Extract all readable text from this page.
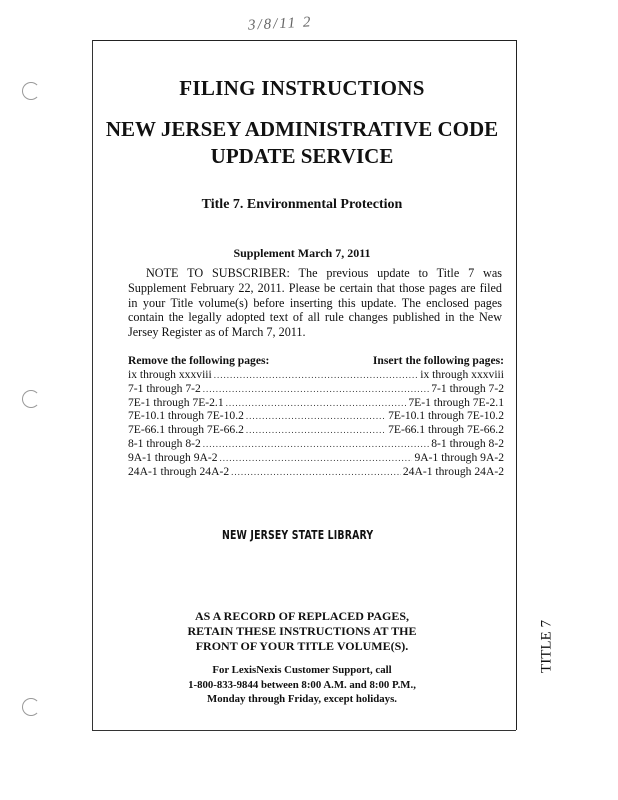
3/8/11 2
FILING INSTRUCTIONS
NEW JERSEY ADMINISTRATIVE CODE
UPDATE SERVICE
Title 7. Environmental Protection
Supplement March 7, 2011
NOTE TO SUBSCRIBER: The previous update to Title 7 was Supplement February 22, 2011. Please be certain that those pages are filed in your Title volume(s) before inserting this update. The enclosed pages contain the legally adopted text of all rule changes published in the New Jersey Register as of March 7, 2011.
Remove the following pages:	Insert the following pages:
ix through xxxviii .....	ix through xxxviii
7-1 through 7-2 .....	7-1 through 7-2
7E-1 through 7E-2.1 .....	7E-1 through 7E-2.1
7E-10.1 through 7E-10.2 .....	7E-10.1 through 7E-10.2
7E-66.1 through 7E-66.2 .....	7E-66.1 through 7E-66.2
8-1 through 8-2 .....	8-1 through 8-2
9A-1 through 9A-2 .....	9A-1 through 9A-2
24A-1 through 24A-2 .....	24A-1 through 24A-2
NEW JERSEY STATE LIBRARY
AS A RECORD OF REPLACED PAGES,
RETAIN THESE INSTRUCTIONS AT THE
FRONT OF YOUR TITLE VOLUME(S).
For LexisNexis Customer Support, call
1-800-833-9844 between 8:00 A.M. and 8:00 P.M.,
Monday through Friday, except holidays.
TITLE 7
